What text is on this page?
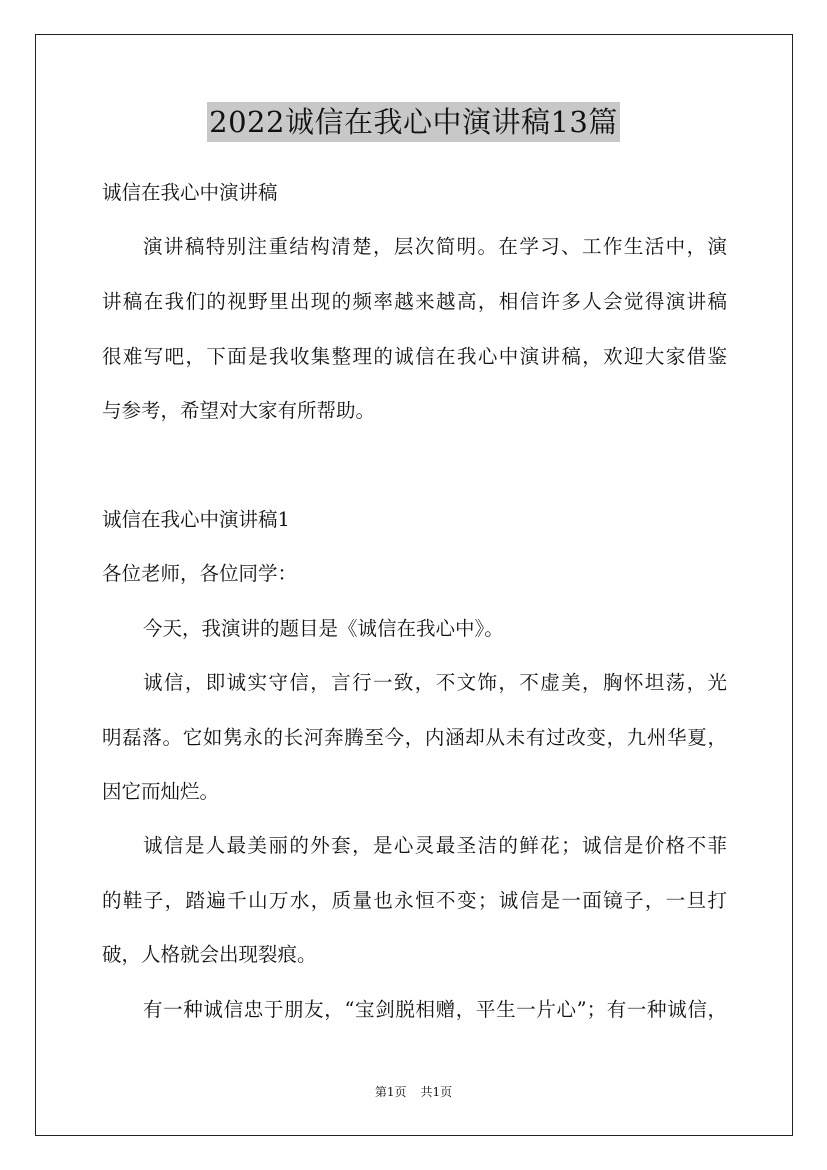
2022诚信在我心中演讲稿13篇
诚信在我心中演讲稿
演讲稿特别注重结构清楚，层次简明。在学习、工作生活中，演
讲稿在我们的视野里出现的频率越来越高，相信许多人会觉得演讲稿
很难写吧，下面是我收集整理的诚信在我心中演讲稿，欢迎大家借鉴
与参考，希望对大家有所帮助。
诚信在我心中演讲稿1
各位老师，各位同学：
今天，我演讲的题目是《诚信在我心中》。
诚信，即诚实守信，言行一致，不文饰，不虚美，胸怀坦荡，光
明磊落。它如隽永的长河奔腾至今，内涵却从未有过改变，九州华夏，
因它而灿烂。
诚信是人最美丽的外套，是心灵最圣洁的鲜花；诚信是价格不菲
的鞋子，踏遍千山万水，质量也永恒不变；诚信是一面镜子，一旦打
破，人格就会出现裂痕。
有一种诚信忠于朋友，“宝剑脱相赠，平生一片心”；有一种诚信，
第1页 共1页
